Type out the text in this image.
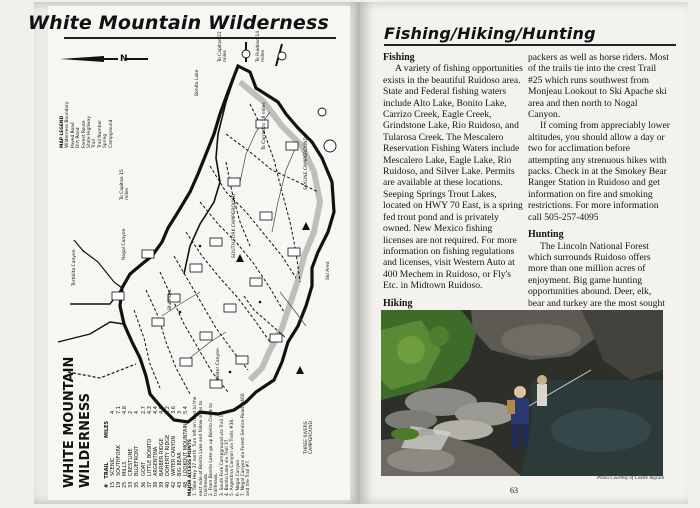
White Mountain Wilderness
N
Bonito Lake
SKYLINE CAMPGROUND
SOUTH FORK CAMPGROUND
THREE RIVERS CAMPGROUND
Nogal Canyon
Tortolita Canyon	Ski Area
To Carrizozo 18 miles
To Capitan 22 miles	To Ruidoso 14 miles
To Capitan 15 miles
Water Canyon
Bluefront
MAP LEGEND Wilderness Boundary Paved Road Dirt Road Forest Route State Highway Trail Trail Number Spring Campground
WHITE MOUNTAIN WILDERNESS #   TRAIL              MILES
15SCENIC4
19SOUTHFORK7.1
25MILLS4.8
33CRESTLINE2
35BLUEFRONT4
36GOAT2.7
37LITTLE BONITO4.3
38ARGENTINA4.4
39BARBER RIDGE4.8
40DOHERTY RIDGE4.2
42WATER CANYON3.6
43BIG BEAR3
48LOOKOUT MOUNTAIN5.4
MAJOR ACCESS POINTS 1. Take Hwy 37 north. Turn left on road to the east side of Bonito Lake and follow signs to trailheads. 2. From Bonito Lake go up Bonito Creek to trailheads. 3. South Fork Campground via Trail 19. 4. Bonito Lake via Trail 37. 5. Argentina Canyon via Trails #38. 6. Nogal Canyon. 7. Nogal Canyon via Forest Service Road #400 and the Trail #7.
Fishing/Hiking/Hunting
Fishing

A variety of fishing opportunities exists in the beautiful Ruidoso area. State and Federal fishing waters include Alto Lake, Bonito Lake, Carrizo Creek, Eagle Creek, Grindstone Lake, Rio Ruidoso, and Tularosa Creek. The Mescalero Reservation Fishing Waters include Mescalero Lake, Eagle Lake, Rio Ruidoso, and Silver Lake. Permits are available at these locations. Seeping Springs Trout Lakes, located on HWY 70 East, is a spring fed trout pond and is privately owned. New Mexico fishing licenses are not required. For more information on fishing regulations and licenses, visit Western Auto at 400 Mechem in Ruidoso, or Fly's Etc. in Midtown Ruidoso.

Hiking

packers as well as horse riders. Most of the trails tie into the crest Trail #25 which runs southwest from Monjeau Lookout to Ski Apache ski area and then north to Nogal Canyon.

If coming from appreciably lower altitudes, you should allow a day or two for acclimation before attempting any strenuous hikes with packs. Check in at the Smokey Bear Ranger Station in Ruidoso and get information on fire and smoking restrictions. For more information call 505-257-4095

Hunting

The Lincoln National Forest which surrounds Ruidoso offers more than one million acres of enjoyment. Big game hunting opportunities abound. Deer, elk, bear and turkey are the most sought

Photo Courtesy of Lisette Ingram
63
